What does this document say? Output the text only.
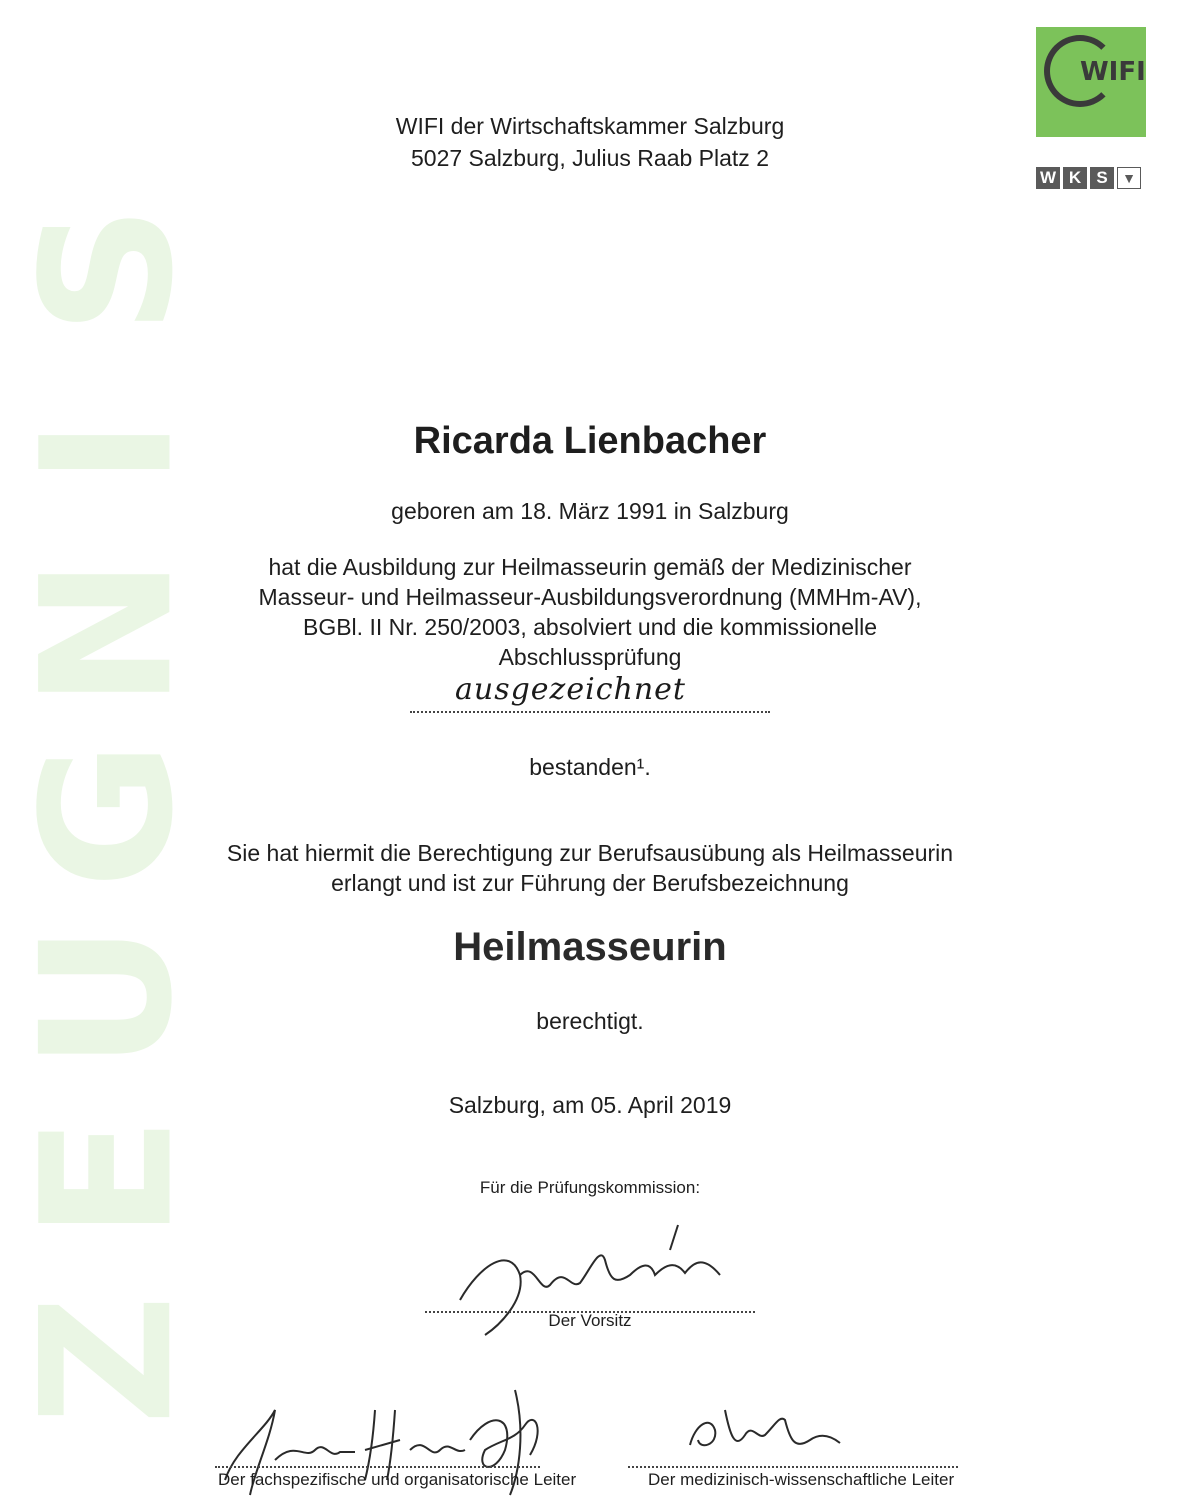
S
I
N
G
U
E
Z
WIFI
W K S	▼
WIFI der Wirtschaftskammer Salzburg
5027 Salzburg, Julius Raab Platz 2
Ricarda Lienbacher
geboren am 18. März 1991 in Salzburg
hat die Ausbildung zur Heilmasseurin gemäß der Medizinischer
Masseur- und Heilmasseur-Ausbildungsverordnung (MMHm-AV),
BGBl. II Nr. 250/2003, absolviert und die kommissionelle
Abschlussprüfung
ausgezeichnet
bestanden¹.
Sie hat hiermit die Berechtigung zur Berufsausübung als Heilmasseurin
erlangt und ist zur Führung der Berufsbezeichnung
Heilmasseurin
berechtigt.
Salzburg, am 05. April 2019
Für die Prüfungskommission:
Der Vorsitz
Der fachspezifische und organisatorische Leiter	Der medizinisch-wissenschaftliche Leiter
